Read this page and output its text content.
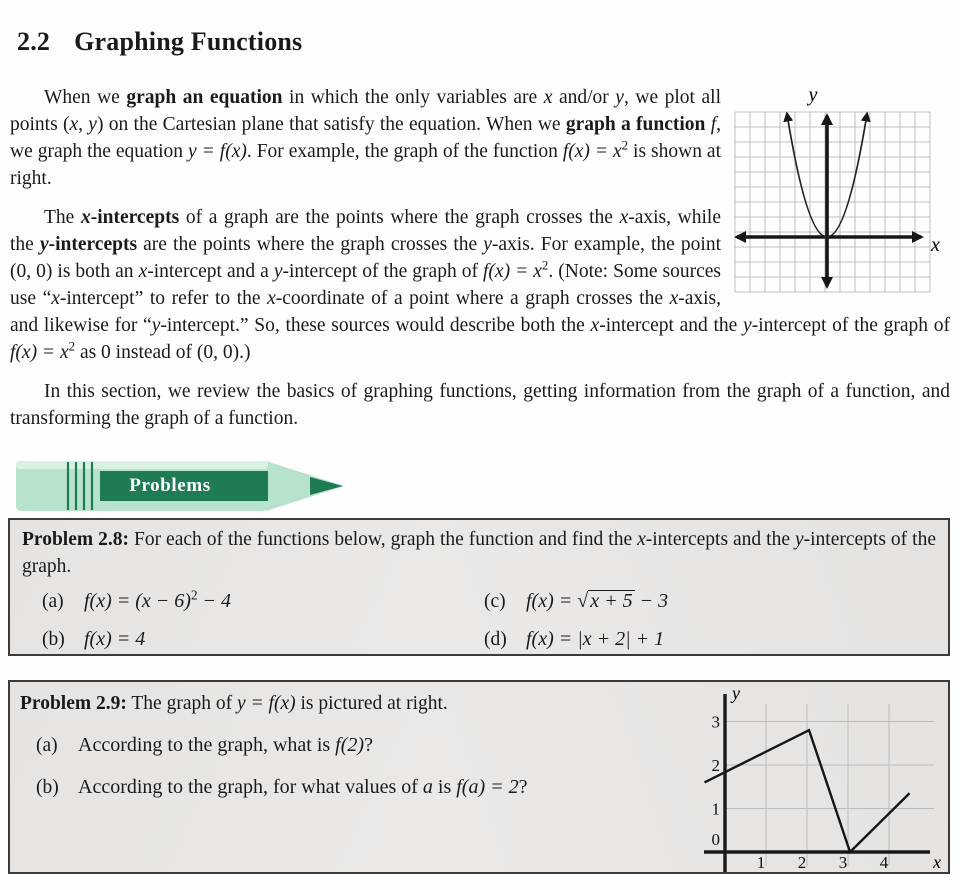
2.2 Graphing Functions
y
x

When we graph an equation in which the only variables are x and/or y, we plot all points (x, y) on the Cartesian plane that satisfy the equation. When we graph a function f, we graph the equation y = f(x). For example, the graph of the function $f(x) = x^2$ is shown at right.

The x-intercepts of a graph are the points where the graph crosses the x-axis, while the y-intercepts are the points where the graph crosses the y-axis. For example, the point (0, 0) is both an x-intercept and a y-intercept of the graph of $f(x) = x^2$. (Note: Some sources use “x-intercept” to refer to the x-coordinate of a point where a graph crosses the x-axis, and likewise for “y-intercept.” So, these sources would describe both the x-intercept and the y-intercept of the graph of $f(x) = x^2$ as 0 instead of (0, 0).)

In this section, we review the basics of graphing functions, getting information from the graph of a function, and transforming the graph of a function.

Problems

Problem 2.8: For each of the functions below, graph the function and find the x-intercepts and the y-intercepts of the graph.

(a) $f(x) = (x - 6)^2 - 4$	(c) f(x) = √ x + 5 − 3
(b) f(x) = 4	(d) f(x) = |x + 2| + 1

Problem 2.9: The graph of y = f(x) is pictured at right.

(a) According to the graph, what is f(2)?
(b) According to the graph, for what values of a is f(a) = 2?
3
2
1
0
1 2 3 4
y
x
